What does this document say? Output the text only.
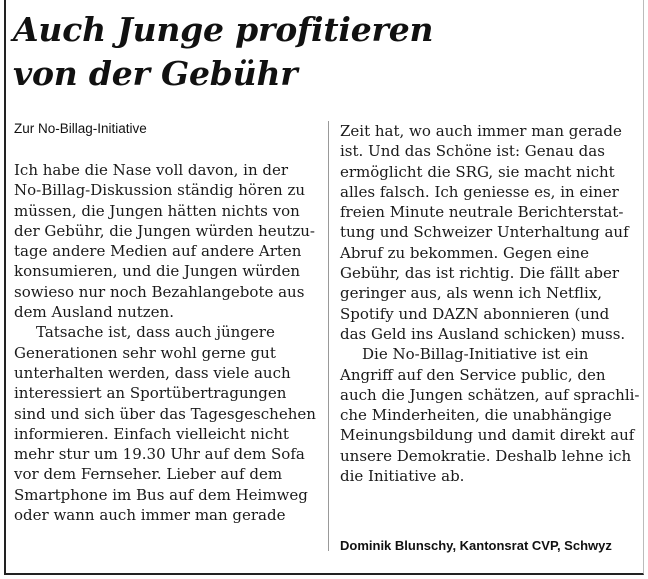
Auch Junge profitieren
von der Gebühr
Zur No-Billag-Initiative
Ich habe die Nase voll davon, in der
No-Billag-Diskussion ständig hören zu
müssen, die Jungen hätten nichts von
der Gebühr, die Jungen würden heutzu-
tage andere Medien auf andere Arten
konsumieren, und die Jungen würden
sowieso nur noch Bezahlangebote aus
dem Ausland nutzen.
Tatsache ist, dass auch jüngere
Generationen sehr wohl gerne gut
unterhalten werden, dass viele auch
interessiert an Sportübertragungen
sind und sich über das Tagesgeschehen
informieren. Einfach vielleicht nicht
mehr stur um 19.30 Uhr auf dem Sofa
vor dem Fernseher. Lieber auf dem
Smartphone im Bus auf dem Heimweg
oder wann auch immer man gerade
Zeit hat, wo auch immer man gerade
ist. Und das Schöne ist: Genau das
ermöglicht die SRG, sie macht nicht
alles falsch. Ich geniesse es, in einer
freien Minute neutrale Berichterstat-
tung und Schweizer Unterhaltung auf
Abruf zu bekommen. Gegen eine
Gebühr, das ist richtig. Die fällt aber
geringer aus, als wenn ich Netflix,
Spotify und DAZN abonnieren (und
das Geld ins Ausland schicken) muss.
Die No-Billag-Initiative ist ein
Angriff auf den Service public, den
auch die Jungen schätzen, auf sprachli-
che Minderheiten, die unabhängige
Meinungsbildung und damit direkt auf
unsere Demokratie. Deshalb lehne ich
die Initiative ab.
Dominik Blunschy, Kantonsrat CVP, Schwyz
